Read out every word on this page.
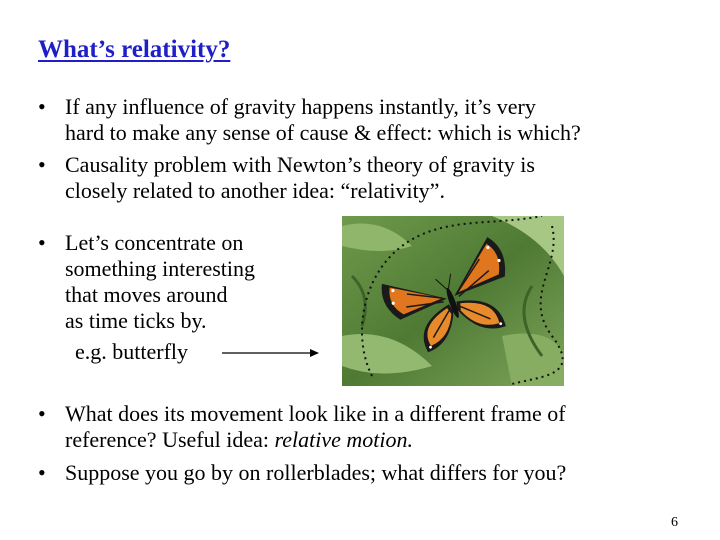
What’s relativity?
• If any influence of gravity happens instantly, it’s very
hard to make any sense of cause & effect: which is which?
• Causality problem with Newton’s theory of gravity is
closely related to another idea: “relativity”.
• Let’s concentrate on
something interesting
that moves around
as time ticks by.
e.g. butterfly
• What does its movement look like in a different frame of
reference? Useful idea: relative motion.
• Suppose you go by on rollerblades; what differs for you?
6
